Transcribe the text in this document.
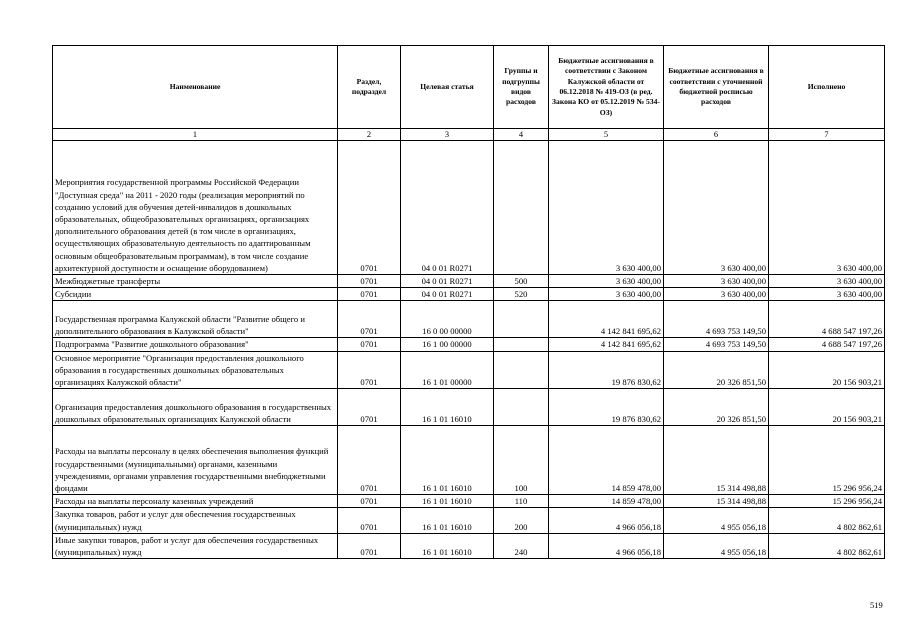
Наименование	Раздел, подраздел	Целевая статья	Группы и подгруппы видов расходов	Бюджетные ассигнования в соответствии с Законом Калужской области от 06.12.2018 № 419-ОЗ (в ред. Закона КО от 05.12.2019 № 534-ОЗ)	Бюджетные ассигнования в соответствии с уточненной бюджетной росписью расходов	Исполнено
1	2	3	4	5	6	7
Мероприятия государственной программы Российской Федерации "Доступная среда" на 2011 - 2020 годы (реализация мероприятий по созданию условий для обучения детей-инвалидов в дошкольных образовательных, общеобразовательных организациях, организациях дополнительного образования детей (в том числе в организациях, осуществляющих образовательную деятельность по адаптированным основным общеобразовательным программам), в том числе создание архитектурной доступности и оснащение оборудованием)	0701	04 0 01 R0271		3 630 400,00	3 630 400,00	3 630 400,00
Межбюджетные трансферты	0701	04 0 01 R0271	500	3 630 400,00	3 630 400,00	3 630 400,00
Субсидии	0701	04 0 01 R0271	520	3 630 400,00	3 630 400,00	3 630 400,00
Государственная программа Калужской области "Развитие общего и дополнительного образования в Калужской области"	0701	16 0 00 00000		4 142 841 695,62	4 693 753 149,50	4 688 547 197,26
Подпрограмма "Развитие дошкольного образования"	0701	16 1 00 00000		4 142 841 695,62	4 693 753 149,50	4 688 547 197,26
Основное мероприятие "Организация предоставления дошкольного образования в государственных дошкольных образовательных организациях Калужской области"	0701	16 1 01 00000		19 876 830,62	20 326 851,50	20 156 903,21
Организация предоставления дошкольного образования в государственных дошкольных образовательных организациях Калужской области	0701	16 1 01 16010		19 876 830,62	20 326 851,50	20 156 903,21
Расходы на выплаты персоналу в целях обеспечения выполнения функций государственными (муниципальными) органами, казенными учреждениями, органами управления государственными внебюджетными фондами	0701	16 1 01 16010	100	14 859 478,00	15 314 498,88	15 296 956,24
Расходы на выплаты персоналу казенных учреждений	0701	16 1 01 16010	110	14 859 478,00	15 314 498,88	15 296 956,24
Закупка товаров, работ и услуг для обеспечения государственных (муниципальных) нужд	0701	16 1 01 16010	200	4 966 056,18	4 955 056,18	4 802 862,61
Иные закупки товаров, работ и услуг для обеспечения государственных (муниципальных) нужд	0701	16 1 01 16010	240	4 966 056,18	4 955 056,18	4 802 862,61
519
